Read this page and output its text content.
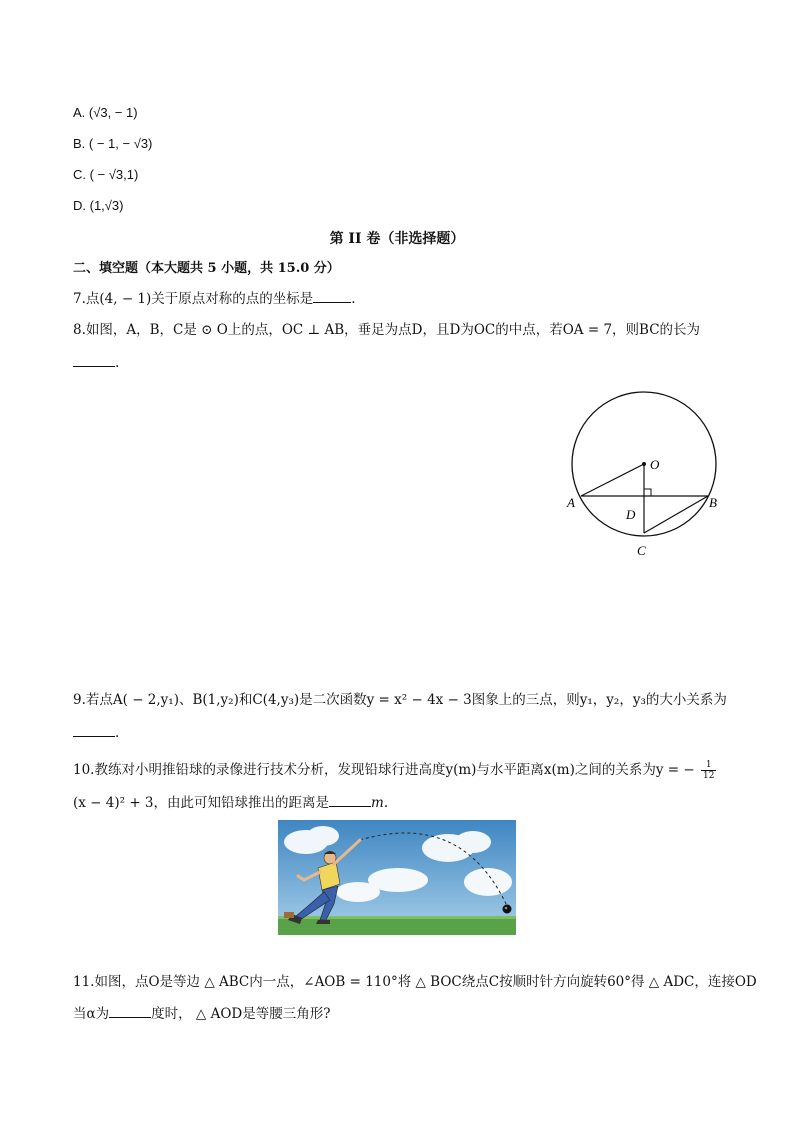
A. (√3, − 1)
B. ( − 1, − √3)
C. ( − √3,1)
D. (1,√3)
第 II 卷（非选择题）
二、填空题（本大题共 5 小题，共 15.0 分）
7.点(4, − 1)关于原点对称的点的坐标是	.
8.如图，A，B，C是 ⊙ O上的点，OC ⊥ AB，垂足为点D，且D为OC的中点，若OA = 7，则BC的长为
.
O
A	B
D
C
9.若点A( − 2,y₁)、B(1,y₂)和C(4,y₃)是二次函数y = x² − 4x − 3图象上的三点，则y₁，y₂，y₃的大小关系为
.
10.教练对小明推铅球的录像进行技术分析，发现铅球行进高度y(m)与水平距离x(m)之间的关系为y = − $\frac{1}{12}$
(x − 4)² + 3，由此可知铅球推出的距离是	m.
11.如图，点O是等边 △ ABC内一点，∠AOB = 110°将 △ BOC绕点C按顺时针方向旋转60°得 △ ADC，连接OD
当α为	度时， △ AOD是等腰三角形?
